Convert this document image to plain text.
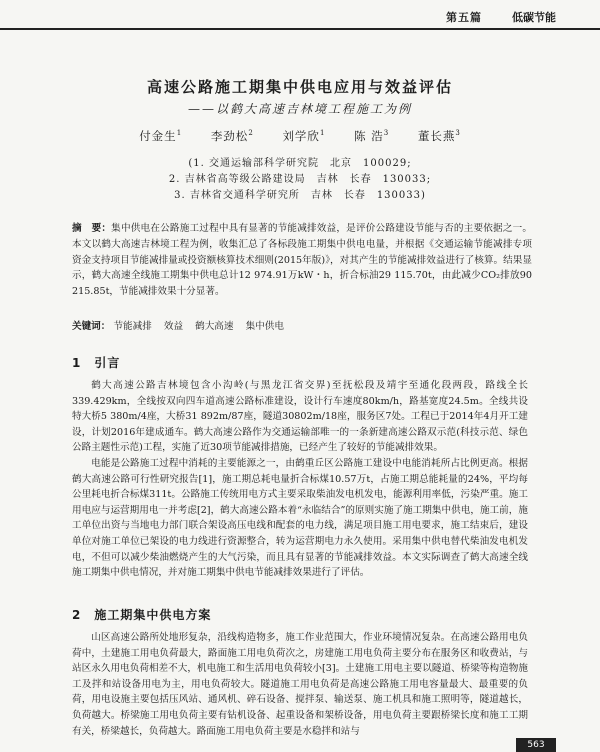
第五篇	低碳节能
高速公路施工期集中供电应用与效益评估
——以鹤大高速吉林境工程施工为例
付金生$^1$ 李劲松$^2$ 刘学欣$^1$ 陈 浩$^3$ 董长燕$^3$
(1. 交通运输部科学研究院　北京　100029;
2. 吉林省高等级公路建设局　吉林　长春　130033;
3. 吉林省交通科学研究所　吉林　长春　130033)
摘　要：集中供电在公路施工过程中具有显著的节能减排效益，是评价公路建设节能与否的主要依据之一。本文以鹤大高速吉林境工程为例，收集汇总了各标段施工期集中供电电量，并根据《交通运输节能减排专项资金支持项目节能减排量或投资额核算技术细则(2015年版)》，对其产生的节能减排效益进行了核算。结果显示，鹤大高速全线施工期集中供电总计12 974.91万kW・h，折合标油29 115.70t，由此减少CO₂排放90 215.85t，节能减排效果十分显著。
关键词： 节能减排 效益 鹤大高速 集中供电
1　引言

鹤大高速公路吉林境包含小沟岭(与黑龙江省交界)至抚松段及靖宇至通化段两段，路线全长339.429km，全线按双向四车道高速公路标准建设，设计行车速度80km/h，路基宽度24.5m。全线共设特大桥5 380m/4座，大桥31 892m/87座，隧道30802m/18座，服务区7处。工程已于2014年4月开工建设，计划2016年建成通车。鹤大高速公路作为交通运输部唯一的一条新建高速公路双示范(科技示范、绿色公路主题性示范)工程，实施了近30项节能减排措施，已经产生了较好的节能减排效果。

电能是公路施工过程中消耗的主要能源之一，由鹤重丘区公路施工建设中电能消耗所占比例更高。根据鹤大高速公路可行性研究报告[1]，施工期总耗电量折合标煤10.57万t，占施工期总能耗量的24%，平均每公里耗电折合标煤311t。公路施工传统用电方式主要采取柴油发电机发电，能源利用率低，污染严重。施工用电应与运营期用电一并考虑[2]，鹤大高速公路本着“永临结合”的原则实施了施工期集中供电，施工前，施工单位出资与当地电力部门联合架设高压电线和配套的电力线，满足项目施工用电要求，施工结束后，建设单位对施工单位已架设的电力线进行资源整合，转为运营期电力永久使用。采用集中供电替代柴油发电机发电，不但可以减少柴油燃烧产生的大气污染，而且具有显著的节能减排效益。本文实际调查了鹤大高速全线施工期集中供电情况，并对施工期集中供电节能减排效果进行了评估。

2　施工期集中供电方案

山区高速公路所处地形复杂，沿线构造物多，施工作业范围大，作业环境情况复杂。在高速公路用电负荷中，土建施工用电负荷最大，路面施工用电负荷次之，房建施工用电负荷主要分布在服务区和收费站，与站区永久用电负荷相差不大，机电施工和生活用电负荷较小[3]。土建施工用电主要以隧道、桥梁等构造物施工及拌和站设备用电为主，用电负荷较大。隧道施工用电负荷是高速公路施工用电容量最大、最重要的负荷，用电设施主要包括压风站、通风机、碎石设备、搅拌泵、输送泵、施工机具和施工照明等，隧道越长，负荷越大。桥梁施工用电负荷主要有钻机设备、起重设备和架桥设备，用电负荷主要跟桥梁长度和施工工期有关，桥梁越长，负荷越大。路面施工用电负荷主要是水稳拌和站与

563
